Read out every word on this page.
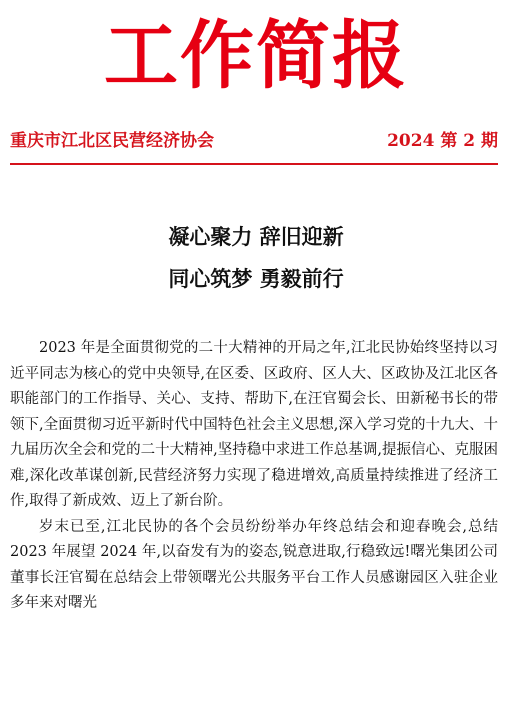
工作简报
重庆市江北区民营经济协会	2024 第 2 期
凝心聚力 辞旧迎新
同心筑梦 勇毅前行

2023 年是全面贯彻党的二十大精神的开局之年,江北民协始终坚持以习近平同志为核心的党中央领导,在区委、区政府、区人大、区政协及江北区各职能部门的工作指导、关心、支持、帮助下,在汪官蜀会长、田新秘书长的带领下,全面贯彻习近平新时代中国特色社会主义思想,深入学习党的十九大、十九届历次全会和党的二十大精神,坚持稳中求进工作总基调,提振信心、克服困难,深化改革谋创新,民营经济努力实现了稳进增效,高质量持续推进了经济工作,取得了新成效、迈上了新台阶。

岁末已至,江北民协的各个会员纷纷举办年终总结会和迎春晚会,总结 2023 年展望 2024 年,以奋发有为的姿态,锐意进取,行稳致远!曙光集团公司董事长汪官蜀在总结会上带领曙光公共服务平台工作人员感谢园区入驻企业多年来对曙光
